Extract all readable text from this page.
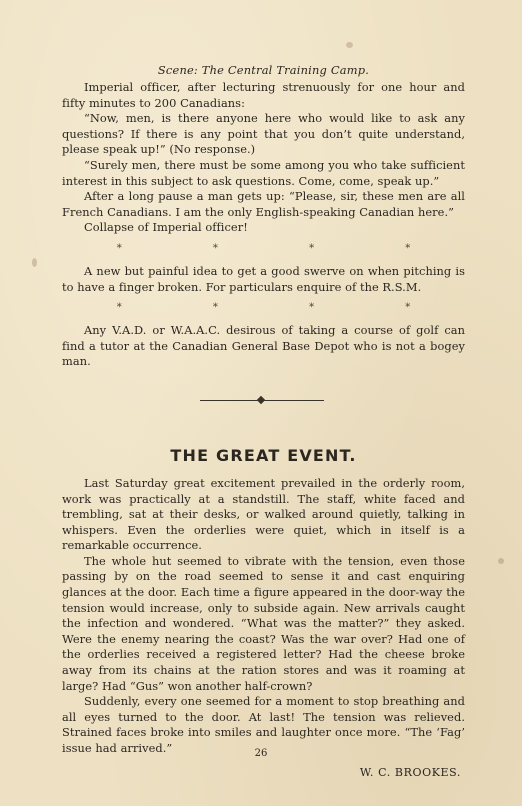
Scene: The Central Training Camp.

Imperial officer, after lecturing strenuously for one hour and fifty minutes to 200 Canadians:

“Now, men, is there anyone here who would like to ask any questions? If there is any point that you don’t quite understand, please speak up!” (No response.)

“Surely men, there must be some among you who take sufficient interest in this subject to ask questions. Come, come, speak up.”

After a long pause a man gets up: “Please, sir, these men are all French Canadians. I am the only English-speaking Canadian here.”

Collapse of Imperial officer!

* * * *

A new but painful idea to get a good swerve on when pitching is to have a finger broken. For particulars enquire of the R.S.M.

* * * *

Any V.A.D. or W.A.A.C. desirous of taking a course of golf can find a tutor at the Canadian General Base Depot who is not a bogey man.

THE GREAT EVENT.

Last Saturday great excitement prevailed in the orderly room, work was practically at a standstill. The staff, white faced and trembling, sat at their desks, or walked around quietly, talking in whispers. Even the orderlies were quiet, which in itself is a remarkable occurrence.

The whole hut seemed to vibrate with the tension, even those passing by on the road seemed to sense it and cast enquiring glances at the door. Each time a figure appeared in the door-way the tension would increase, only to subside again. New arrivals caught the infection and wondered. “What was the matter?” they asked. Were the enemy nearing the coast? Was the war over? Had one of the orderlies received a registered letter? Had the cheese broke away from its chains at the ration stores and was it roaming at large? Had “Gus” won another half-crown?

Suddenly, every one seemed for a moment to stop breathing and all eyes turned to the door. At last! The tension was relieved. Strained faces broke into smiles and laughter once more. “The ‘Fag’ issue had arrived.”

W. C. BROOKES.
26
